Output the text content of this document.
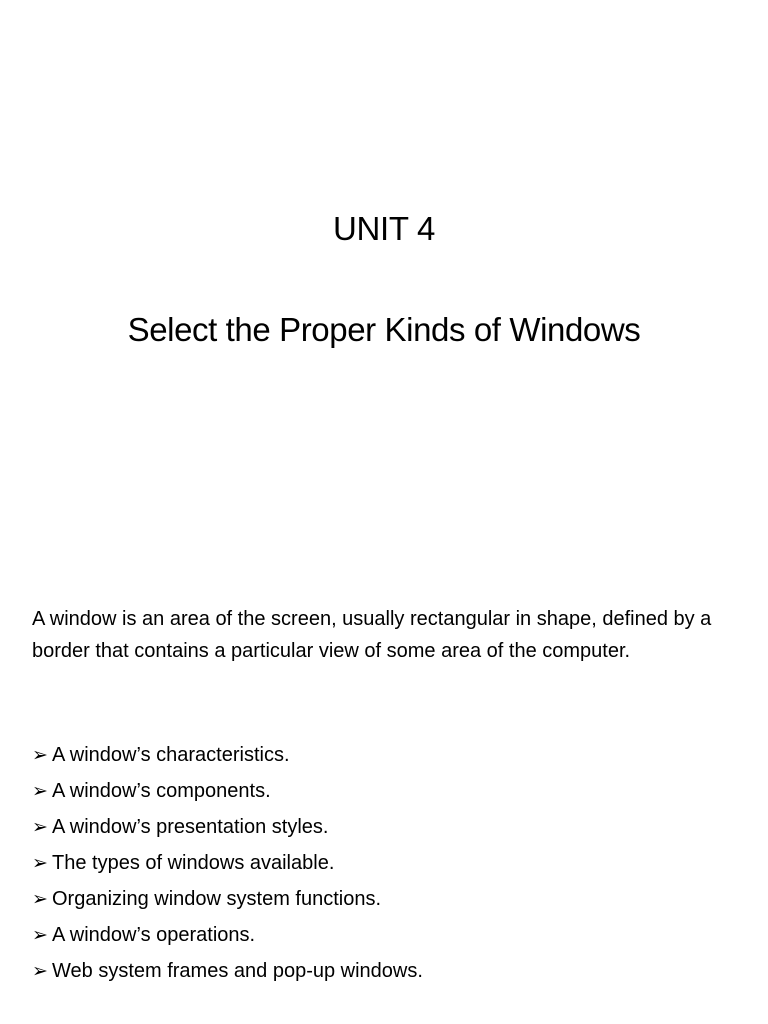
UNIT 4
Select the Proper Kinds of Windows

A window is an area of the screen, usually rectangular in shape, defined by a border that contains a particular view of some area of the computer.

➢ A window’s characteristics.
➢ A window’s components.
➢ A window’s presentation styles.
➢ The types of windows available.
➢ Organizing window system functions.
➢ A window’s operations.
➢ Web system frames and pop-up windows.
